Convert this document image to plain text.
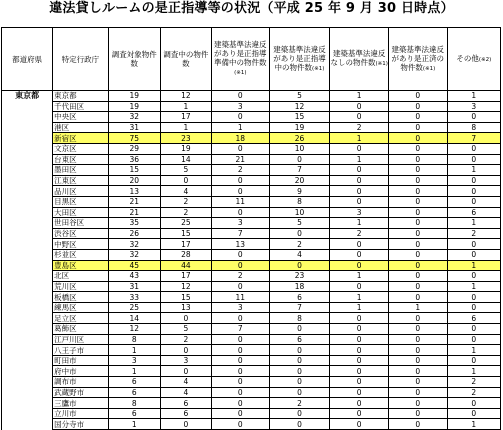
違法貸しルームの是正指導等の状況（平成 25 年 9 月 30 日時点）
都道府県	特定行政庁	調査対象物件数	調査中の物件数	建築基準法違反があり是正指導準備中の物件数(※1)	建築基準法違反があり是正指導中の物件数(※1)	建築基準法違反なしの物件数(※1)	建築基準法違反があり是正済の物件数(※1)	その他(※2)
東京都	東京都	19	12	0	5	1	0	1
	千代田区	19	1	3	12	0	0	3
	中央区	32	17	0	15	0	0	0
	港区	31	1	1	19	2	0	8
	新宿区	75	23	18	26	1	0	7
	文京区	29	19	0	10	0	0	0
	台東区	36	14	21	0	1	0	0
	墨田区	15	5	2	7	0	0	1
	江東区	20	0	0	20	0	0	0
	品川区	13	4	0	9	0	0	0
	目黒区	21	2	11	8	0	0	0
	大田区	21	2	0	10	3	0	6
	世田谷区	35	25	3	5	1	0	1
	渋谷区	26	15	7	0	2	0	2
	中野区	32	17	13	2	0	0	0
	杉並区	32	28	0	4	0	0	0
	豊島区	45	44	0	0	0	0	1
	北区	43	17	2	23	1	0	0
	荒川区	31	12	0	18	0	0	1
	板橋区	33	15	11	6	1	0	0
	練馬区	25	13	3	7	1	1	0
	足立区	14	0	0	8	0	0	6
	葛飾区	12	5	7	0	0	0	0
	江戸川区	8	2	0	6	0	0	0
	八王子市	1	0	0	0	0	0	1
	町田市	3	3	0	0	0	0	0
	府中市	1	0	0	0	0	0	1
	調布市	6	4	0	0	0	0	2
	武蔵野市	6	4	0	0	0	0	2
	三鷹市	8	6	0	2	0	0	0
	立川市	6	6	0	0	0	0	0
	国分寺市	1	0	0	0	0	0	1
